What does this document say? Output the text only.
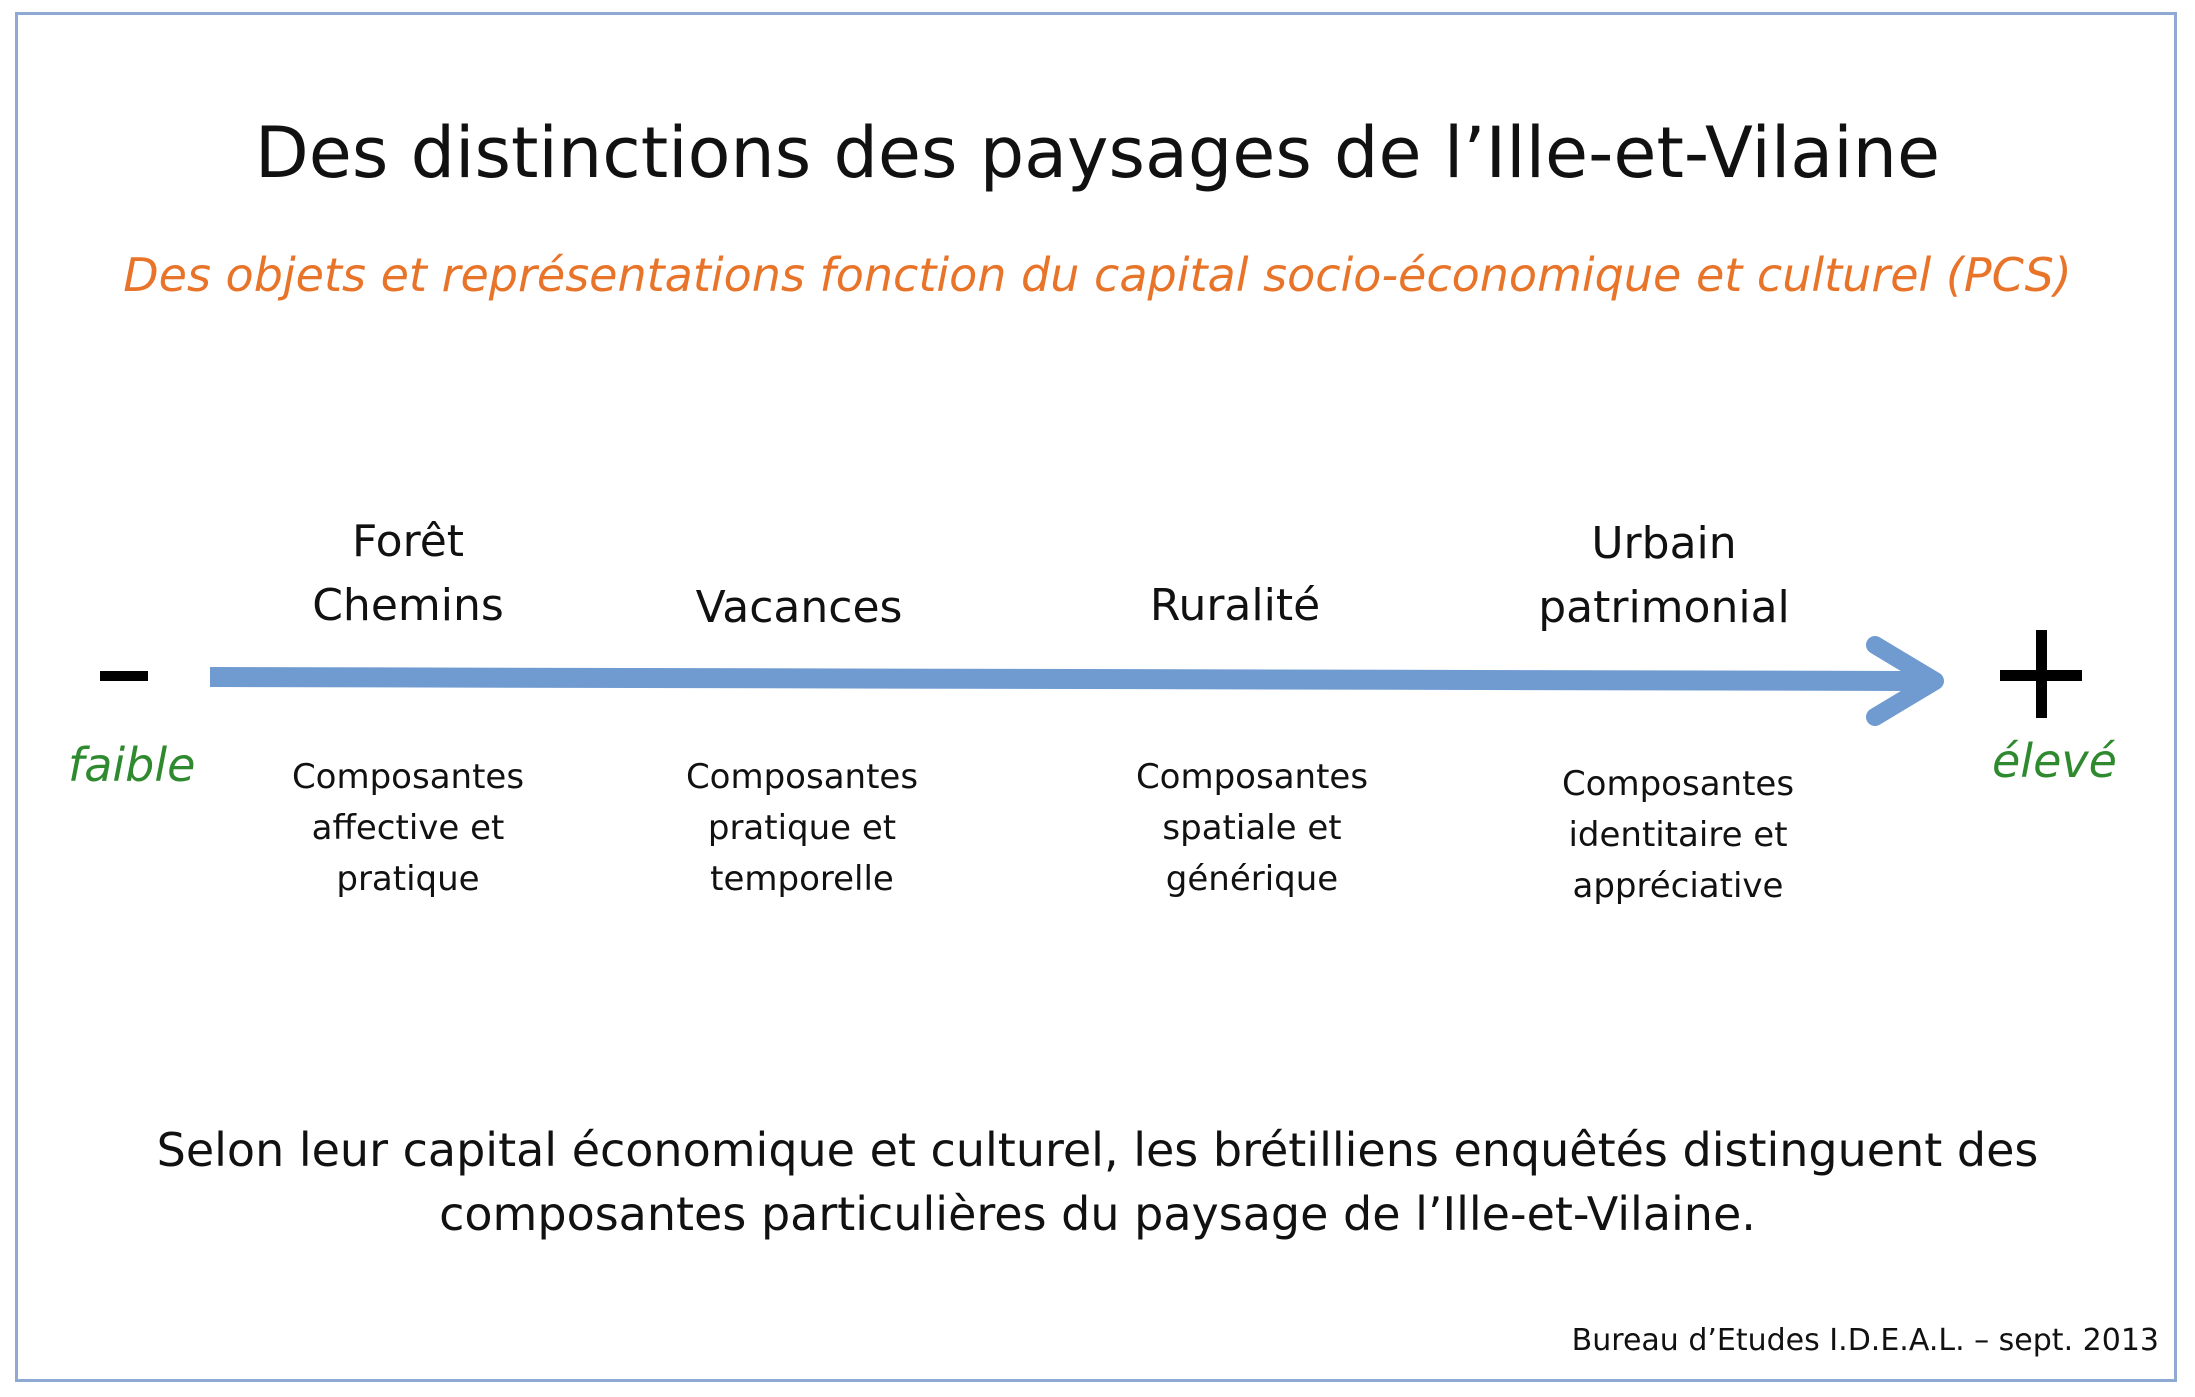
Des distinctions des paysages de l’Ille-et-Vilaine
Des objets et représentations fonction du capital socio-économique et culturel (PCS)
faible	élevé
Forêt
Chemins	Vacances	Ruralité
Urbain
patrimonial
Composantes
affective et
pratique
Composantes
pratique et
temporelle
Composantes
spatiale et
générique
Composantes
identitaire et
appréciative
Selon leur capital économique et culturel, les brétilliens enquêtés distinguent des
composantes particulières du paysage de l’Ille-et-Vilaine.
Bureau d’Etudes I.D.E.A.L. – sept. 2013
